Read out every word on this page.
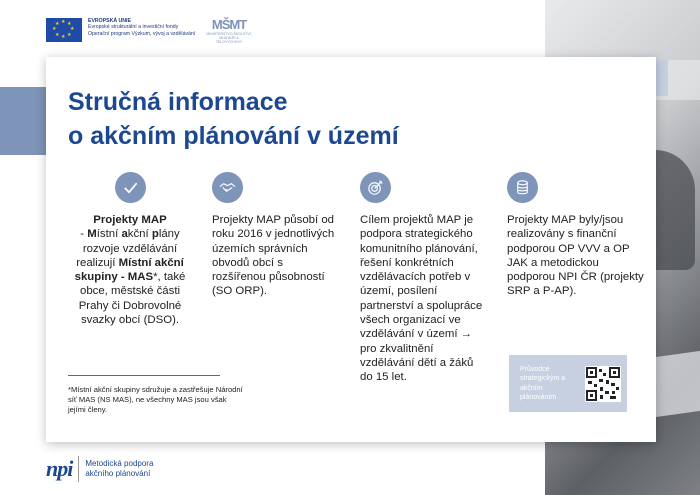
★ ★
★
★
★
★
★
★	EVROPSKÁ UNIE
Evropské strukturální a investiční fondy
Operační program Výzkum, vývoj a vzdělávání
MŠMT
MINISTERSTVO ŠKOLSTVÍ, MLÁDEŽE A TĚLOVÝCHOVY
Stručná informace
o akčním plánování v území
Projekty MAP
- Místní akční plány rozvoje vzdělávání realizují Místní akční skupiny - MAS*, také obce, městské části Prahy či Dobrovolné svazky obcí (DSO).
Projekty MAP působí od roku 2016 v jednotlivých územích správních obvodů obcí s rozšířenou působností (SO ORP).
Cílem projektů MAP je podpora strategického komunitního plánování, řešení konkrétních vzdělávacích potřeb v území, posílení partnerství a spolupráce všech organizací ve vzdělávání v území → pro zkvalitnění vzdělávání dětí a žáků do 15 let.
Projekty MAP byly/jsou realizovány s finanční podporou OP VVV a OP JAK a metodickou podporou NPI ČR (projekty SRP a P-AP).
*Místní akční skupiny sdružuje a zastřešuje Národní síť MAS (NS MAS), ne všechny MAS jsou však jejími členy.
Průvodce strategickým a akčním plánováním
npi Metodická podpora
akčního plánování
